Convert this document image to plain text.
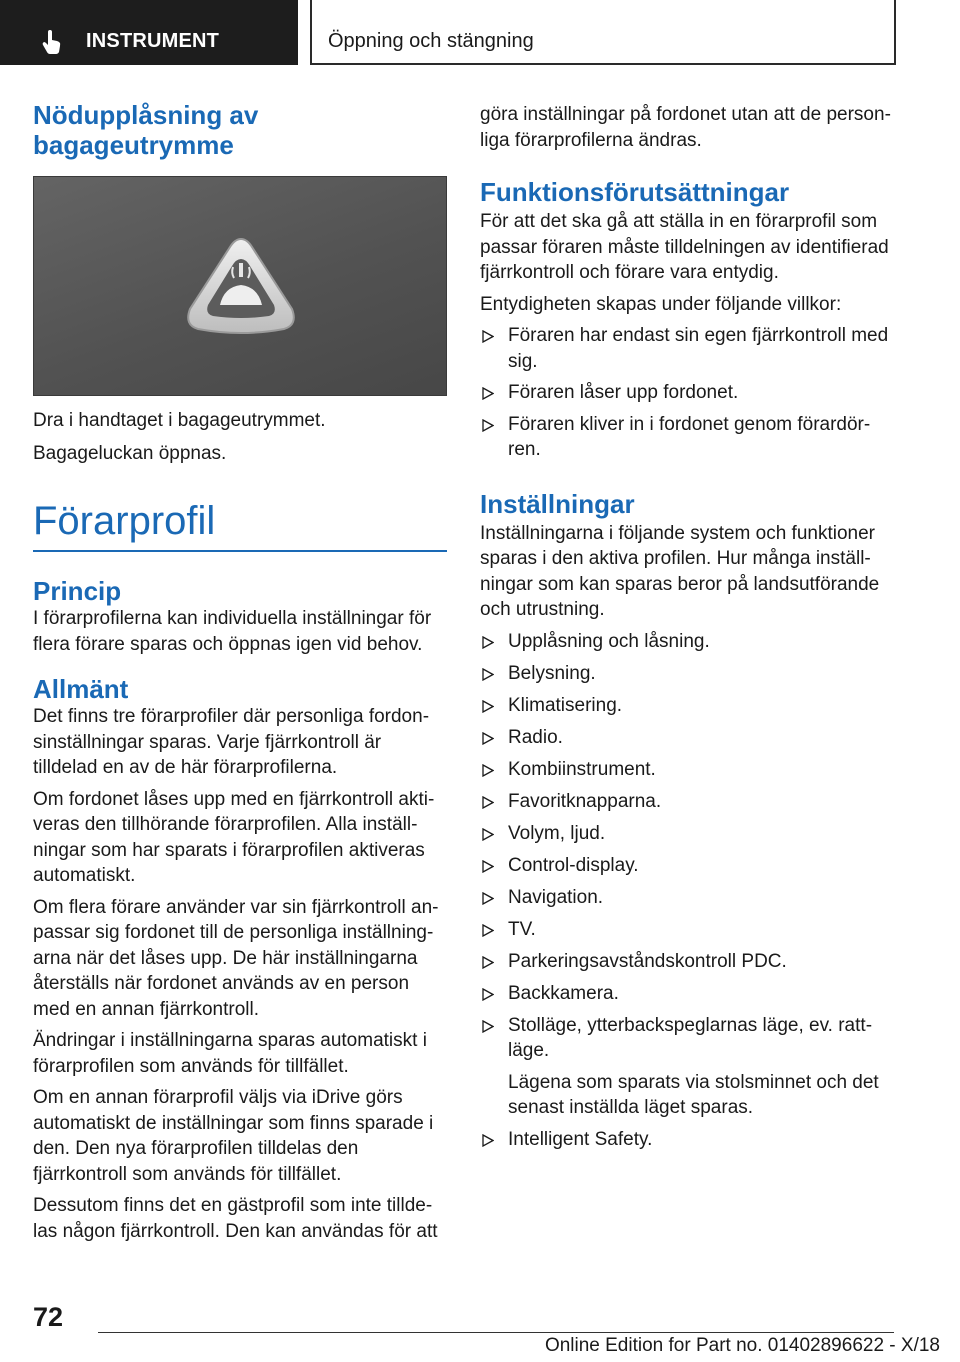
INSTRUMENT	Öppning och stängning
Nödupplåsning av bagageutrymme

Dra i handtaget i bagageutrymmet.

Bagageluckan öppnas.

Förarprofil
Princip

I förarprofilerna kan individuella inställningar för flera förare sparas och öppnas igen vid behov.

Allmänt

Det finns tre förarprofiler där personliga fordonsinställningar sparas. Varje fjärrkontroll är tilldelad en av de här förarprofilerna.

Om fordonet låses upp med en fjärrkontroll aktiveras den tillhörande förarprofilen. Alla inställningar som har sparats i förarprofilen aktiveras automatiskt.

Om flera förare använder var sin fjärrkontroll anpassar sig fordonet till de personliga inställningarna när det låses upp. De här inställningarna återställs när fordonet används av en person med en annan fjärrkontroll.

Ändringar i inställningarna sparas automatiskt i förarprofilen som används för tillfället.

Om en annan förarprofil väljs via iDrive görs automatiskt de inställningar som finns sparade i den. Den nya förarprofilen tilldelas den fjärrkontroll som används för tillfället.

Dessutom finns det en gästprofil som inte tilldelas någon fjärrkontroll. Den kan användas för att

göra inställningar på fordonet utan att de personliga förarprofilerna ändras.

Funktionsförutsättningar

För att det ska gå att ställa in en förarprofil som passar föraren måste tilldelningen av identifierad fjärrkontroll och förare vara entydig.

Entydigheten skapas under följande villkor:

Föraren har endast sin egen fjärrkontroll med sig.
Föraren låser upp fordonet.
Föraren kliver in i fordonet genom förardörren.
Inställningar

Inställningarna i följande system och funktioner sparas i den aktiva profilen. Hur många inställningar som kan sparas beror på landsutförande och utrustning.

Upplåsning och låsning.
Belysning.
Klimatisering.
Radio.
Kombiinstrument.
Favoritknapparna.
Volym, ljud.
Control-display.
Navigation.
TV.
Parkeringsavståndskontroll PDC.
Backkamera.
Stolläge, ytterbackspeglarnas läge, ev. rattläge.

Lägena som sparats via stolsminnet och det senast inställda läget sparas.

Intelligent Safety.
72
Online Edition for Part no. 01402896622 - X/18
